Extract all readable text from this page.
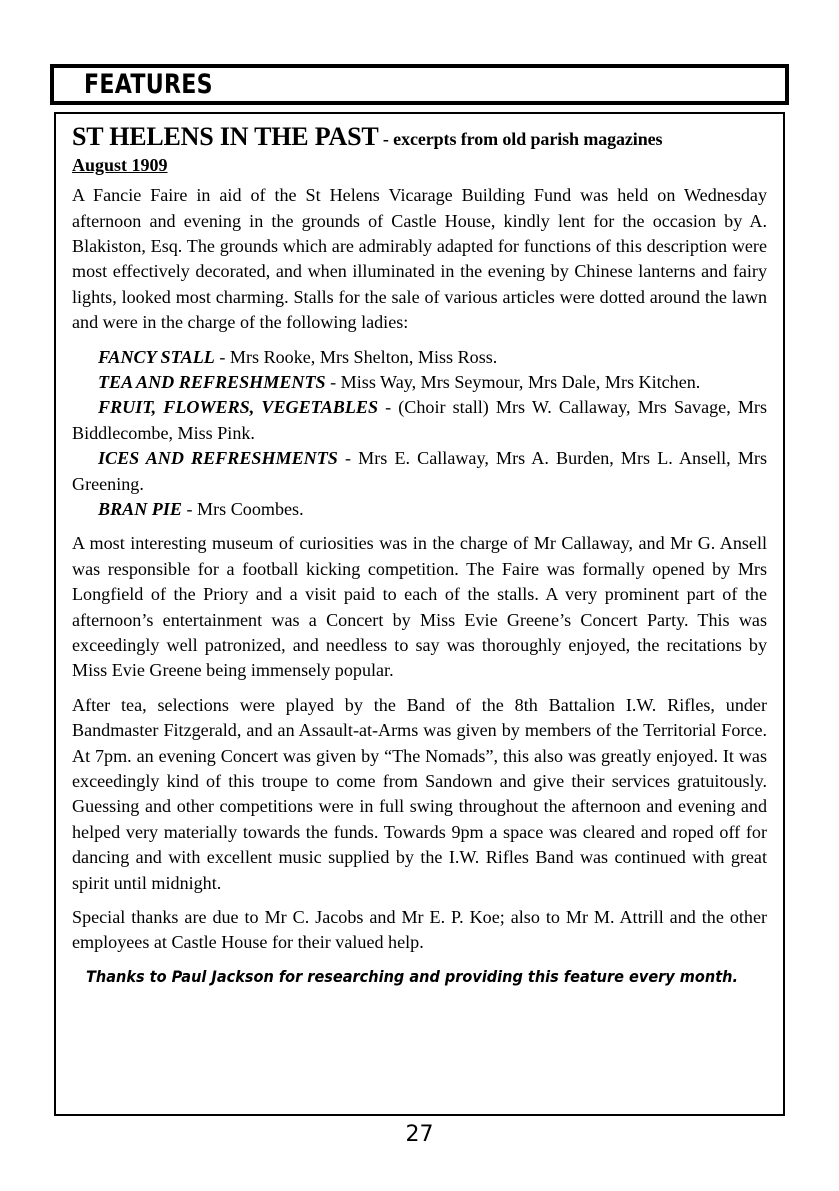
FEATURES
ST HELENS IN THE PAST - excerpts from old parish magazines
August 1909

A Fancie Faire in aid of the St Helens Vicarage Building Fund was held on Wednesday afternoon and evening in the grounds of Castle House, kindly lent for the occasion by A. Blakiston, Esq. The grounds which are admirably adapted for functions of this description were most effectively decorated, and when illuminated in the evening by Chinese lanterns and fairy lights, looked most charming. Stalls for the sale of various articles were dotted around the lawn and were in the charge of the following ladies:

FANCY STALL - Mrs Rooke, Mrs Shelton, Miss Ross.

TEA AND REFRESHMENTS - Miss Way, Mrs Seymour, Mrs Dale, Mrs Kitchen.

FRUIT, FLOWERS, VEGETABLES - (Choir stall) Mrs W. Callaway, Mrs Savage, Mrs Biddlecombe, Miss Pink.

ICES AND REFRESHMENTS - Mrs E. Callaway, Mrs A. Burden, Mrs L. Ansell, Mrs Greening.

BRAN PIE - Mrs Coombes.

A most interesting museum of curiosities was in the charge of Mr Callaway, and Mr G. Ansell was responsible for a football kicking competition. The Faire was formally opened by Mrs Longfield of the Priory and a visit paid to each of the stalls. A very prominent part of the afternoon’s entertainment was a Concert by Miss Evie Greene’s Concert Party. This was exceedingly well patronized, and needless to say was thoroughly enjoyed, the recitations by Miss Evie Greene being immensely popular.

After tea, selections were played by the Band of the 8th Battalion I.W. Rifles, under Bandmaster Fitzgerald, and an Assault-at-Arms was given by members of the Territorial Force. At 7pm. an evening Concert was given by “The Nomads”, this also was greatly enjoyed. It was exceedingly kind of this troupe to come from Sandown and give their services gratuitously. Guessing and other competitions were in full swing throughout the afternoon and evening and helped very materially towards the funds. Towards 9pm a space was cleared and roped off for dancing and with excellent music supplied by the I.W. Rifles Band was continued with great spirit until midnight.

Special thanks are due to Mr C. Jacobs and Mr E. P. Koe; also to Mr M. Attrill and the other employees at Castle House for their valued help.

Thanks to Paul Jackson for researching and providing this feature every month.
27
